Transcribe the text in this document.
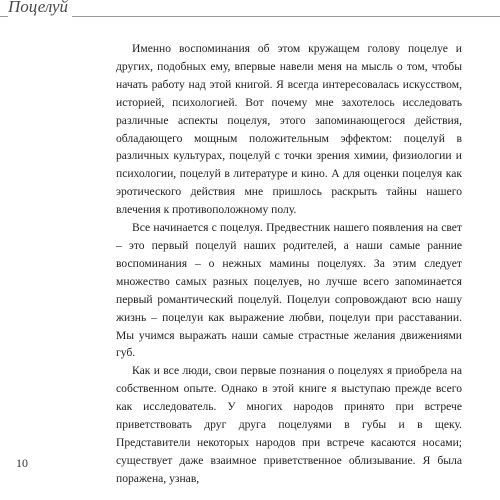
Поцелуй

Именно воспоминания об этом кружащем голову поцелуе и других, подобных ему, впервые навели меня на мысль о том, чтобы начать работу над этой книгой. Я всегда интересовалась искусством, историей, психологией. Вот почему мне захотелось исследовать различные аспекты поцелуя, этого запоминающегося действия, обладающего мощным положительным эффектом: поцелуй в различных культурах, поцелуй с точки зрения химии, физиологии и психологии, поцелуй в литературе и кино. А для оценки поцелуя как эротического действия мне пришлось раскрыть тайны нашего влечения к противоположному полу.

Все начинается с поцелуя. Предвестник нашего появления на свет – это первый поцелуй наших родителей, а наши самые ранние воспоминания – о нежных мамины поцелуях. За этим следует множество самых разных поцелуев, но лучше всего запоминается первый романтический поцелуй. Поцелуи сопровождают всю нашу жизнь – поцелуи как выражение любви, поцелуи при расставании. Мы учимся выражать наши самые страстные желания движениями губ.

Как и все люди, свои первые познания о поцелуях я приобрела на собственном опыте. Однако в этой книге я выступаю прежде всего как исследователь. У многих народов принято при встрече приветствовать друг друга поцелуями в губы и в щеку. Представители некоторых народов при встрече касаются носами; существует даже взаимное приветственное облизывание. Я была поражена, узнав,

10
